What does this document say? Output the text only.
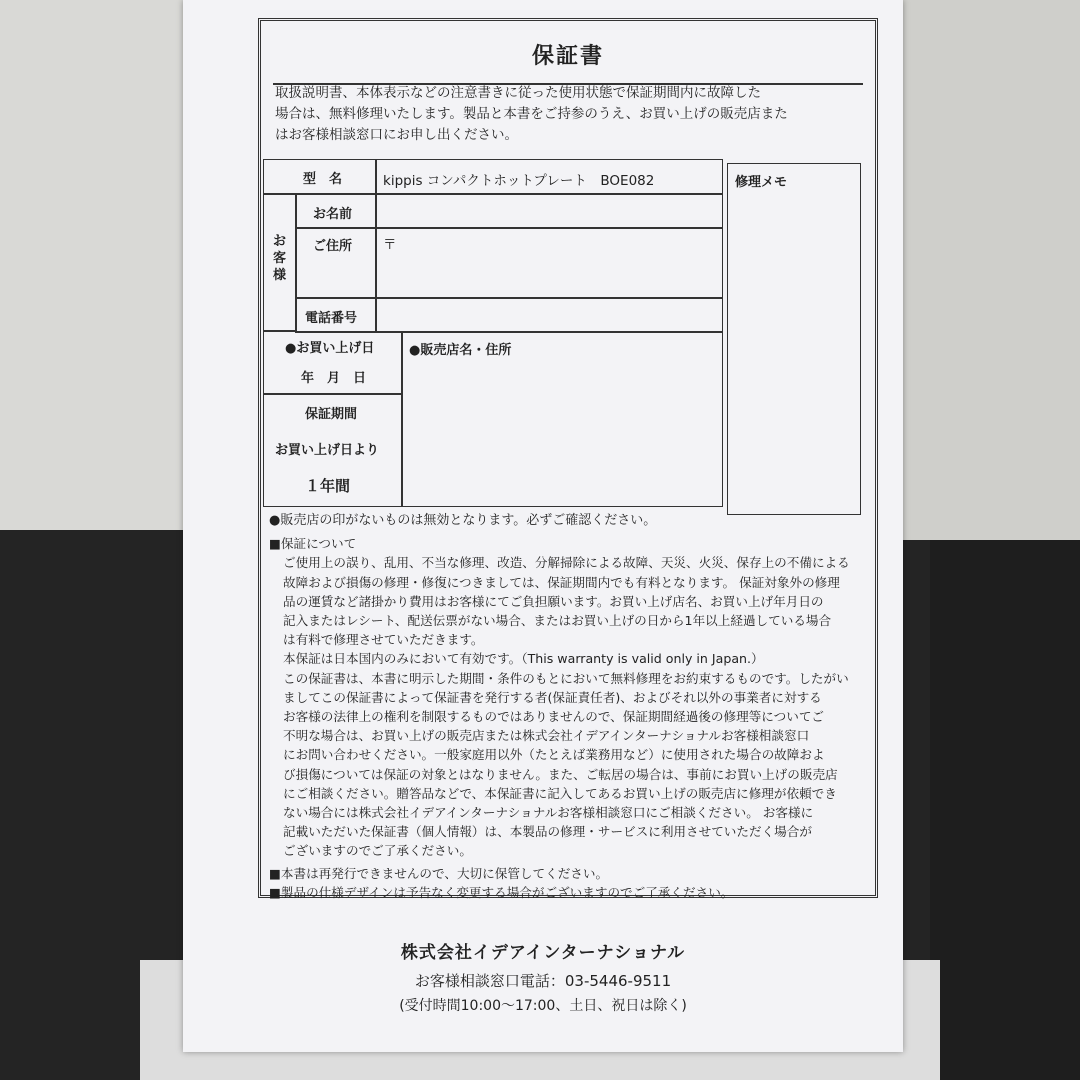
保証書
取扱説明書、本体表示などの注意書きに従った使用状態で保証期間内に故障した
場合は、無料修理いたします。製品と本書をご持参のうえ、お買い上げの販売店また
はお客様相談窓口にお申し出ください。
型　名	kippis コンパクトホットプレート　BOE082
お客様
お名前
ご住所 〒
電話番号
●お買い上げ日
年　月　日
保証期間
お買い上げ日より
１年間
●販売店名・住所
修理メモ
●販売店の印がないものは無効となります。必ずご確認ください。
■保証について
ご使用上の誤り、乱用、不当な修理、改造、分解掃除による故障、天災、火災、保存上の不備による
故障および損傷の修理・修復につきましては、保証期間内でも有料となります。 保証対象外の修理
品の運賃など諸掛かり費用はお客様にてご負担願います。お買い上げ店名、お買い上げ年月日の
記入またはレシート、配送伝票がない場合、またはお買い上げの日から1年以上経過している場合
は有料で修理させていただきます。
本保証は日本国内のみにおいて有効です。（This warranty is valid only in Japan.）
この保証書は、本書に明示した期間・条件のもとにおいて無料修理をお約束するものです。したがい
ましてこの保証書によって保証書を発行する者(保証責任者)、およびそれ以外の事業者に対する
お客様の法律上の権利を制限するものではありませんので、保証期間経過後の修理等についてご
不明な場合は、お買い上げの販売店または株式会社イデアインターナショナルお客様相談窓口
にお問い合わせください。一般家庭用以外（たとえば業務用など）に使用された場合の故障およ
び損傷については保証の対象とはなりません。また、ご転居の場合は、事前にお買い上げの販売店
にご相談ください。贈答品などで、本保証書に記入してあるお買い上げの販売店に修理が依頼でき
ない場合には株式会社イデアインターナショナルお客様相談窓口にご相談ください。 お客様に
記載いただいた保証書（個人情報）は、本製品の修理・サービスに利用させていただく場合が
ございますのでご了承ください。
■本書は再発行できませんので、大切に保管してください。
■製品の仕様デザインは予告なく変更する場合がございますのでご了承ください。
株式会社イデアインターナショナル
お客様相談窓口電話：03-5446-9511
(受付時間10:00～17:00、土日、祝日は除く)
